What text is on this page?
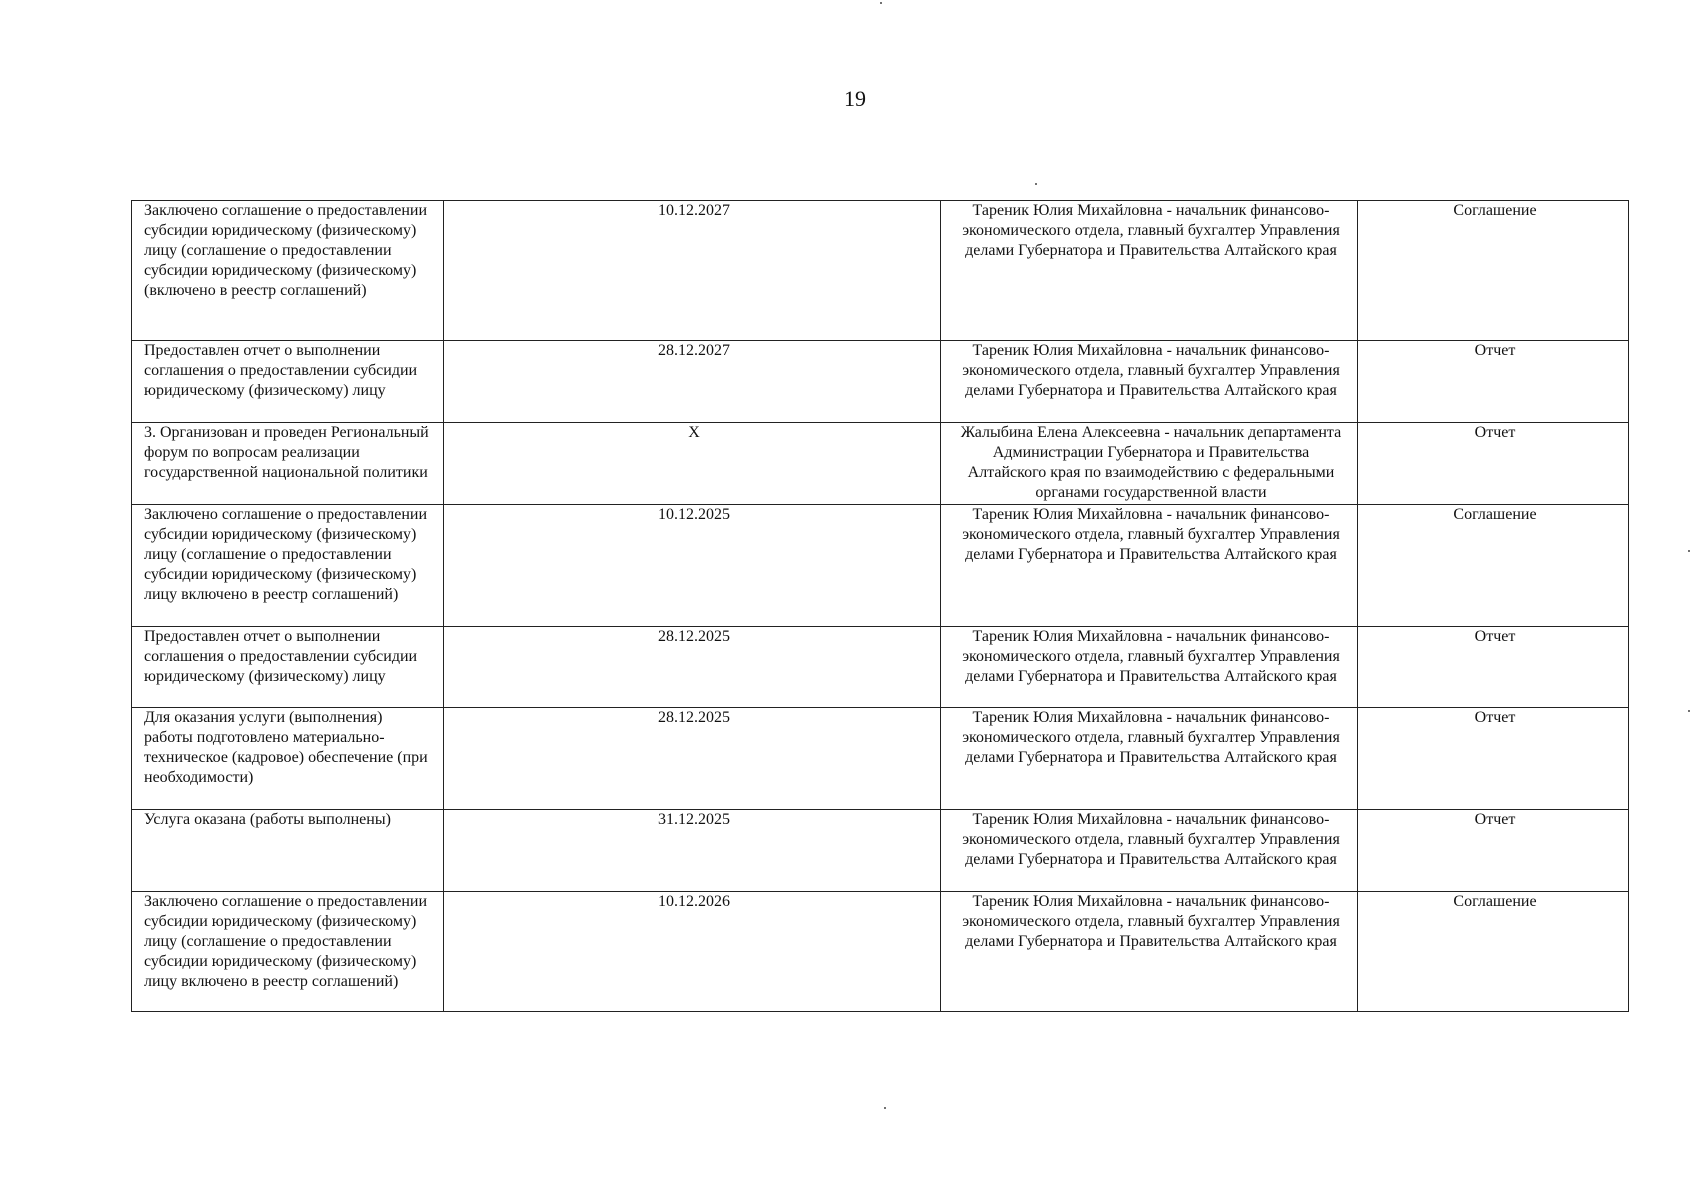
19
Заключено соглашение о предоставлении субсидии юридическому (физическому) лицу (соглашение о предоставлении субсидии юридическому (физическому) (включено в реестр соглашений)	10.12.2027	Тареник Юлия Михайловна - начальник финансово-экономического отдела, главный бухгалтер Управления делами Губернатора и Правительства Алтайского края	Соглашение
Предоставлен отчет о выполнении соглашения о предоставлении субсидии юридическому (физическому) лицу	28.12.2027	Тареник Юлия Михайловна - начальник финансово-экономического отдела, главный бухгалтер Управления делами Губернатора и Правительства Алтайского края	Отчет
3. Организован и проведен Региональный форум по вопросам реализации государственной национальной политики	X	Жалыбина Елена Алексеевна - начальник департамента Администрации Губернатора и Правительства Алтайского края по взаимодействию с федеральными органами государственной власти	Отчет
Заключено соглашение о предоставлении субсидии юридическому (физическому) лицу (соглашение о предоставлении субсидии юридическому (физическому) лицу включено в реестр соглашений)	10.12.2025	Тареник Юлия Михайловна - начальник финансово-экономического отдела, главный бухгалтер Управления делами Губернатора и Правительства Алтайского края	Соглашение
Предоставлен отчет о выполнении соглашения о предоставлении субсидии юридическому (физическому) лицу	28.12.2025	Тареник Юлия Михайловна - начальник финансово-экономического отдела, главный бухгалтер Управления делами Губернатора и Правительства Алтайского края	Отчет
Для оказания услуги (выполнения) работы подготовлено материально-техническое (кадровое) обеспечение (при необходимости)	28.12.2025	Тареник Юлия Михайловна - начальник финансово-экономического отдела, главный бухгалтер Управления делами Губернатора и Правительства Алтайского края	Отчет
Услуга оказана (работы выполнены)	31.12.2025	Тареник Юлия Михайловна - начальник финансово-экономического отдела, главный бухгалтер Управления делами Губернатора и Правительства Алтайского края	Отчет
Заключено соглашение о предоставлении субсидии юридическому (физическому) лицу (соглашение о предоставлении субсидии юридическому (физическому) лицу включено в реестр соглашений)	10.12.2026	Тареник Юлия Михайловна - начальник финансово-экономического отдела, главный бухгалтер Управления делами Губернатора и Правительства Алтайского края	Соглашение
